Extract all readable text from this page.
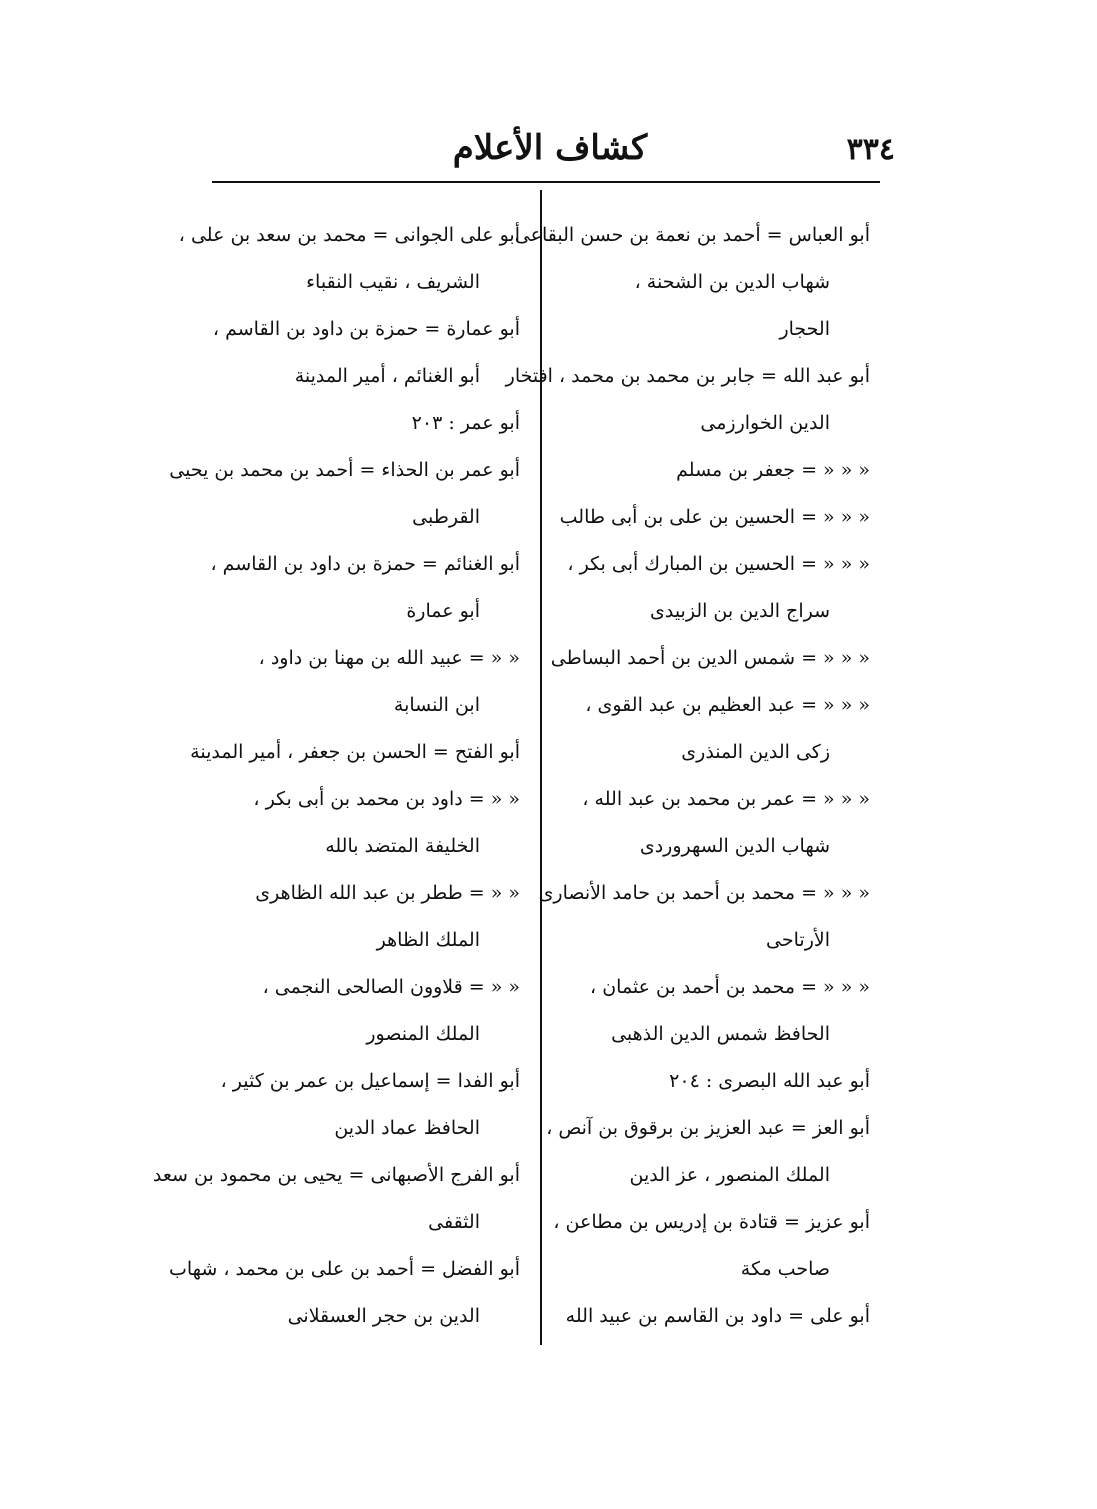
كشاف الأعلام	٣٣٤
أبو العباس = أحمد بن نعمة بن حسن البقاعى
شهاب الدين بن الشحنة ،
الحجار
أبو عبد الله = جابر بن محمد بن محمد ، افتخار
الدين الخوارزمى
« « « = جعفر بن مسلم
« « « = الحسين بن على بن أبى طالب
« « « = الحسين بن المبارك أبى بكر ،
سراج الدين بن الزبيدى
« « « = شمس الدين بن أحمد البساطى
« « « = عبد العظيم بن عبد القوى ،
زكى الدين المنذرى
« « « = عمر بن محمد بن عبد الله ،
شهاب الدين السهروردى
« « « = محمد بن أحمد بن حامد الأنصارى
الأرتاحى
« « « = محمد بن أحمد بن عثمان ،
الحافظ شمس الدين الذهبى
أبو عبد الله البصرى : ٢٠٤
أبو العز = عبد العزيز بن برقوق بن آنص ،
الملك المنصور ، عز الدين
أبو عزيز = قتادة بن إدريس بن مطاعن ،
صاحب مكة
أبو على = داود بن القاسم بن عبيد الله
أبو على الجوانى = محمد بن سعد بن على ،
الشريف ، نقيب النقباء
أبو عمارة = حمزة بن داود بن القاسم ،
أبو الغنائم ، أمير المدينة
أبو عمر : ٢٠٣
أبو عمر بن الحذاء = أحمد بن محمد بن يحيى
القرطبى
أبو الغنائم = حمزة بن داود بن القاسم ،
أبو عمارة
« « = عبيد الله بن مهنا بن داود ،
ابن النسابة
أبو الفتح = الحسن بن جعفر ، أمير المدينة
« « = داود بن محمد بن أبى بكر ،
الخليفة المتضد بالله
« « = ططر بن عبد الله الظاهرى
الملك الظاهر
« « = قلاوون الصالحى النجمى ،
الملك المنصور
أبو الفدا = إسماعيل بن عمر بن كثير ،
الحافظ عماد الدين
أبو الفرج الأصبهانى = يحيى بن محمود بن سعد
الثقفى
أبو الفضل = أحمد بن على بن محمد ، شهاب
الدين بن حجر العسقلانى
